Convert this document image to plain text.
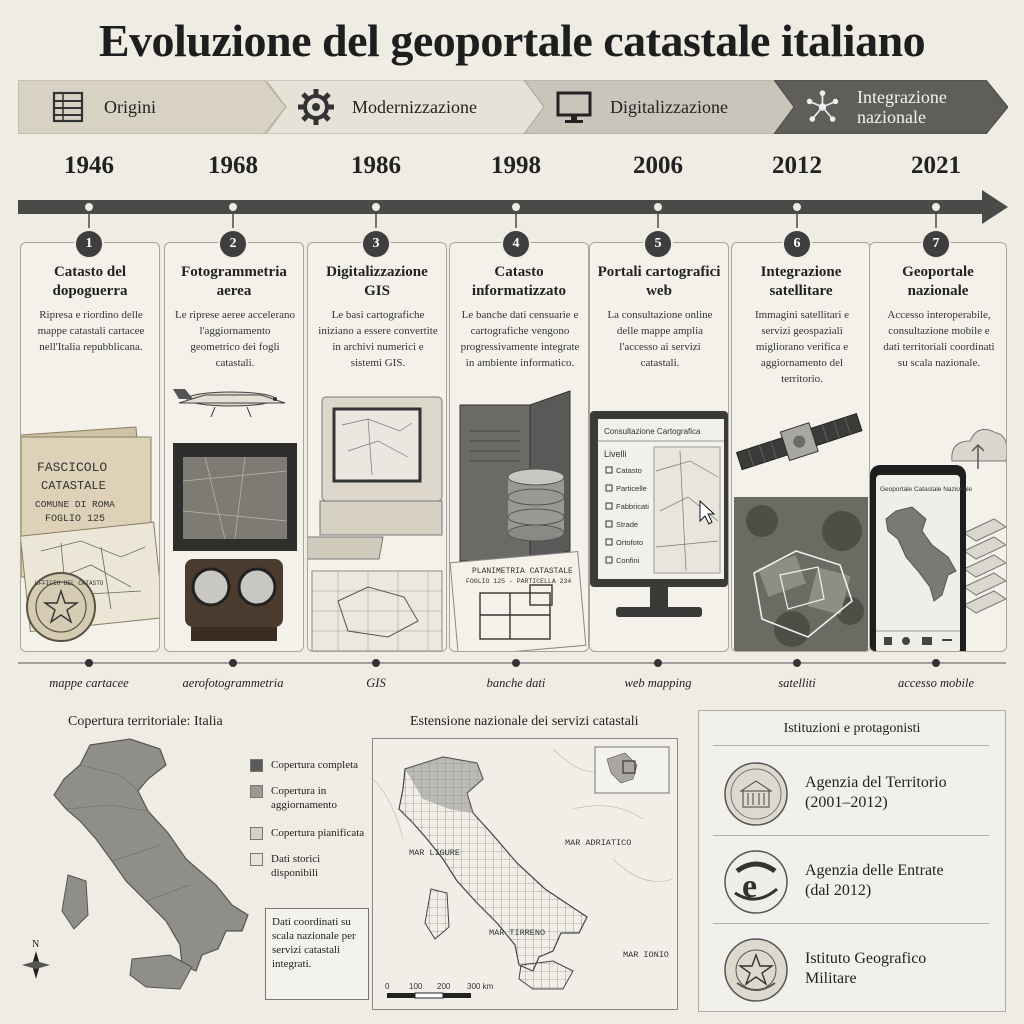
Evoluzione del geoportale catastale italiano
Origini	Modernizzazione	Digitalizzazione	Integrazione nazionale
1946	1968	1986	1998	2006	2012	2021
Catasto del dopoguerra
Ripresa e riordino delle mappe catastali cartacee nell'Italia repubblicana.
FASCICOLO
CATASTALE
COMUNE DI ROMA
FOGLIO 125
UFFICIO DEL CATASTO
Fotogrammetria aerea
Le riprese aeree accelerano l'aggiornamento geometrico dei fogli catastali.
Digitalizzazione GIS
Le basi cartografiche iniziano a essere convertite in archivi numerici e sistemi GIS.
Catasto informatizzato
Le banche dati censuarie e cartografiche vengono progressivamente integrate in ambiente informatico.
PLANIMETRIA CATASTALE
FOGLIO 125 - PARTICELLA 234
Portali cartografici web
La consultazione online delle mappe amplia l'accesso ai servizi catastali.
Consultazione Cartografica
Livelli
Catasto
Particelle
Fabbricati
Strade
Ortofoto
Confini
Integrazione satellitare
Immagini satellitari e servizi geospaziali migliorano verifica e aggiornamento del territorio.
Geoportale nazionale
Accesso interoperabile, consultazione mobile e dati territoriali coordinati su scala nazionale.
Geoportale Catastale Nazionale
1	2	3	4	5	6	7
mappe cartacee	aerofotogrammetria	GIS	banche dati	web mapping	satelliti	accesso mobile
Copertura territoriale: Italia
N
Copertura completa
Copertura in aggiornamento
Copertura pianificata
Dati storici disponibili
Dati coordinati su scala nazionale per servizi catastali integrati.
Estensione nazionale dei servizi catastali
MAR LIGURE
MAR ADRIATICO
MAR TIRRENO
MAR IONIO
0 100 200 300 km
Istituzioni e protagonisti
Agenzia del Territorio (2001–2012)
e	Agenzia delle Entrate (dal 2012)
Istituto Geografico Militare
